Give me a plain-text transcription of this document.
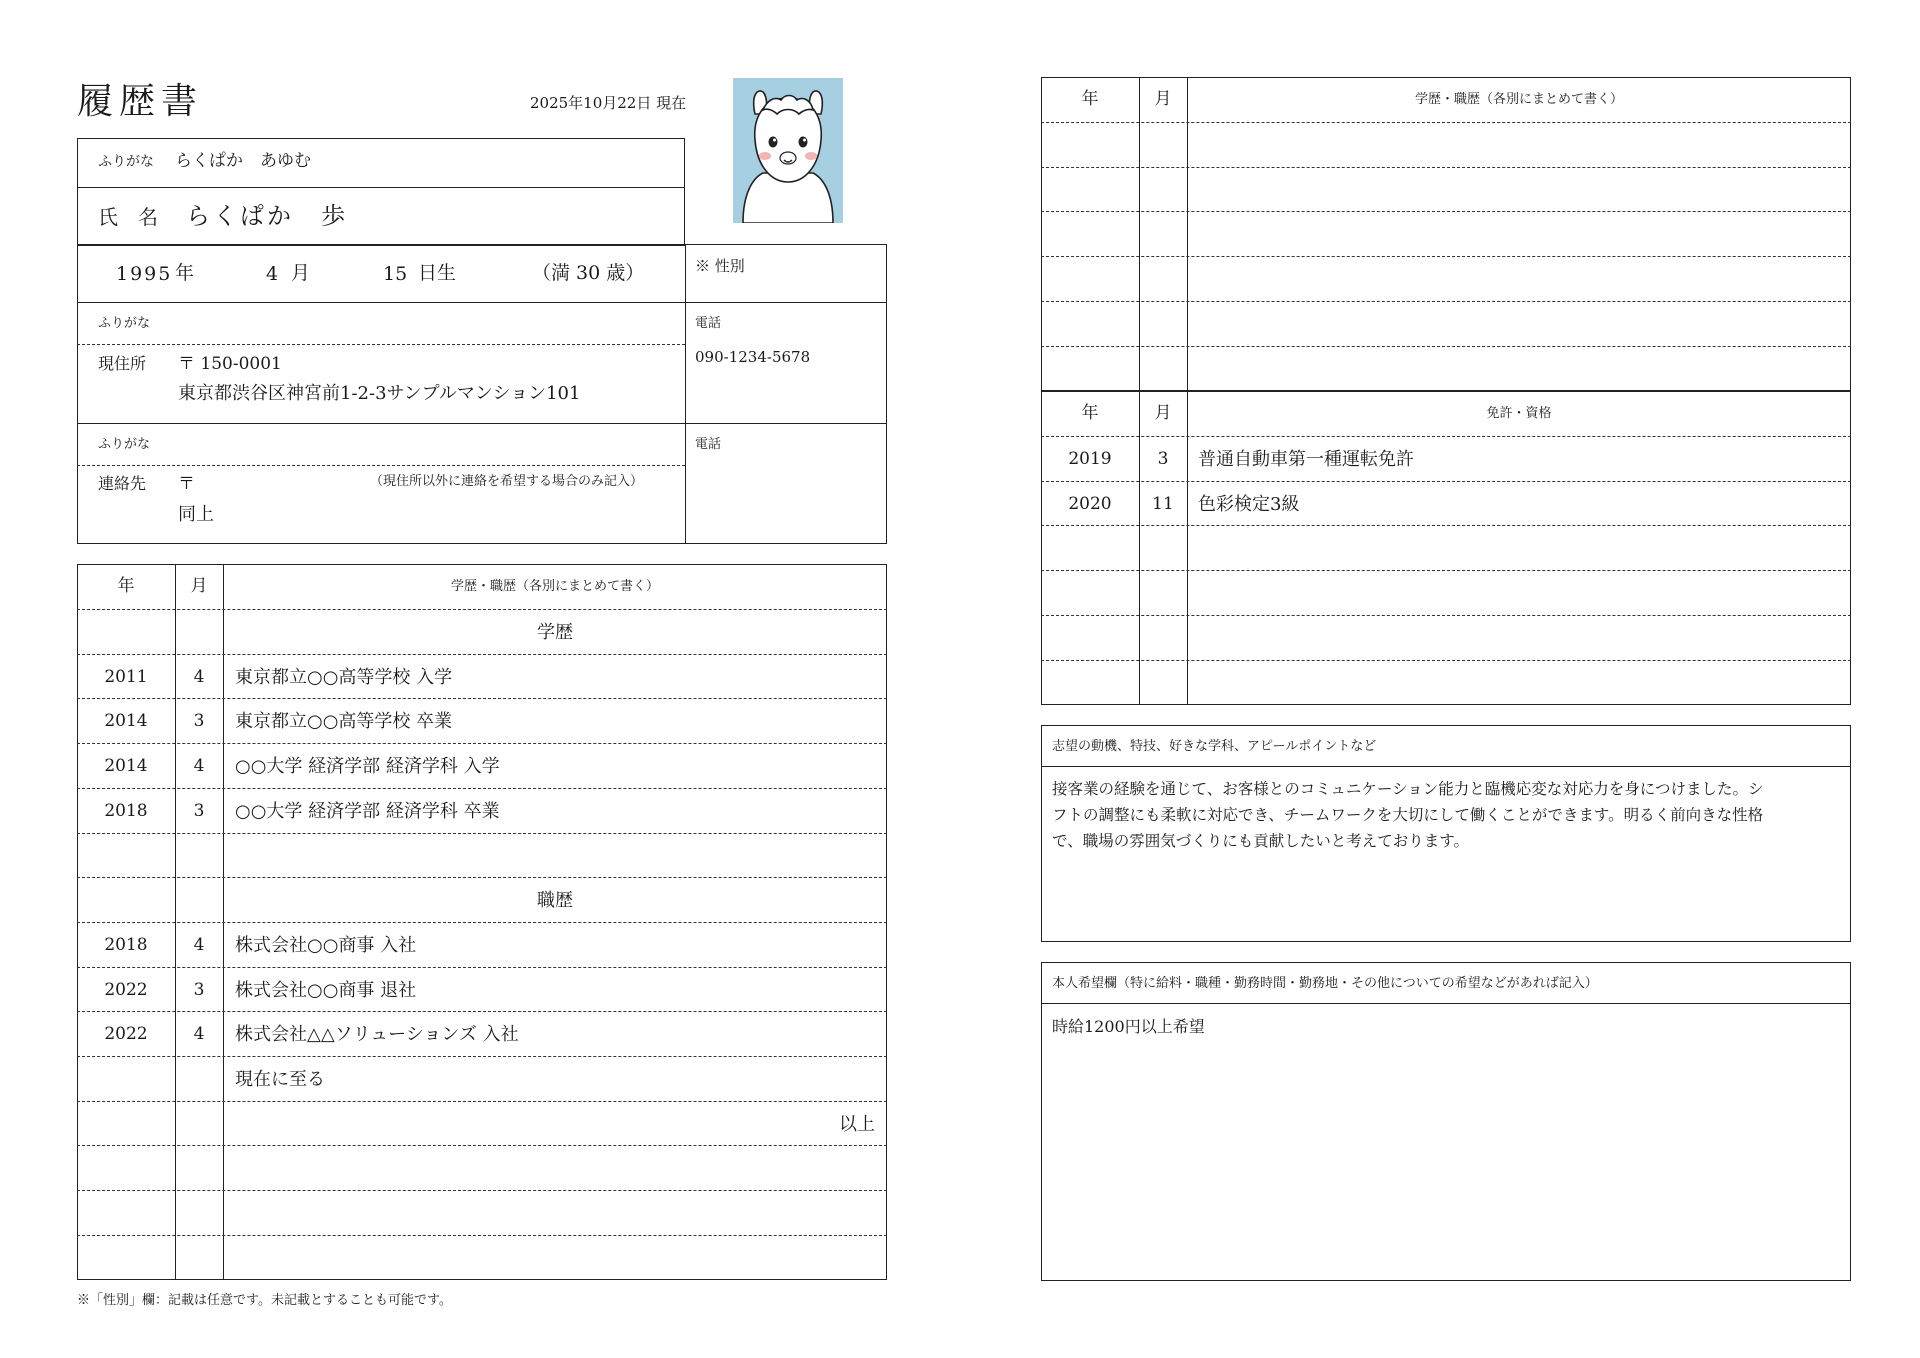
履歴書	2025年10月22日 現在
ふりがな らくぱか　あゆむ
氏　名 らくぱか　歩
1995 年	4 月	15 日生	（満 30 歳）	※ 性別
ふりがな
現住所 〒 150-0001
東京都渋谷区神宮前1-2-3サンプルマンション101
電話
090-1234-5678
ふりがな
連絡先 〒	（現住所以外に連絡を希望する場合のみ記入）
同上
電話
年	月	学歴・職歴（各別にまとめて書く）
学歴
2011	4	東京都立○○高等学校 入学
2014	3	東京都立○○高等学校 卒業
2014	4	○○大学 経済学部 経済学科 入学
2018	3	○○大学 経済学部 経済学科 卒業
職歴
2018	4	株式会社○○商事 入社
2022	3	株式会社○○商事 退社
2022	4	株式会社△△ソリューションズ 入社
現在に至る
以上
※「性別」欄：記載は任意です。未記載とすることも可能です。
年	月	学歴・職歴（各別にまとめて書く）
年	月	免許・資格
2019	3	普通自動車第一種運転免許
2020	11	色彩検定3級
志望の動機、特技、好きな学科、アピールポイントなど
接客業の経験を通じて、お客様とのコミュニケーション能力と臨機応変な対応力を身につけました。シ
フトの調整にも柔軟に対応でき、チームワークを大切にして働くことができます。明るく前向きな性格
で、職場の雰囲気づくりにも貢献したいと考えております。
本人希望欄（特に給料・職種・勤務時間・勤務地・その他についての希望などがあれば記入）
時給1200円以上希望
